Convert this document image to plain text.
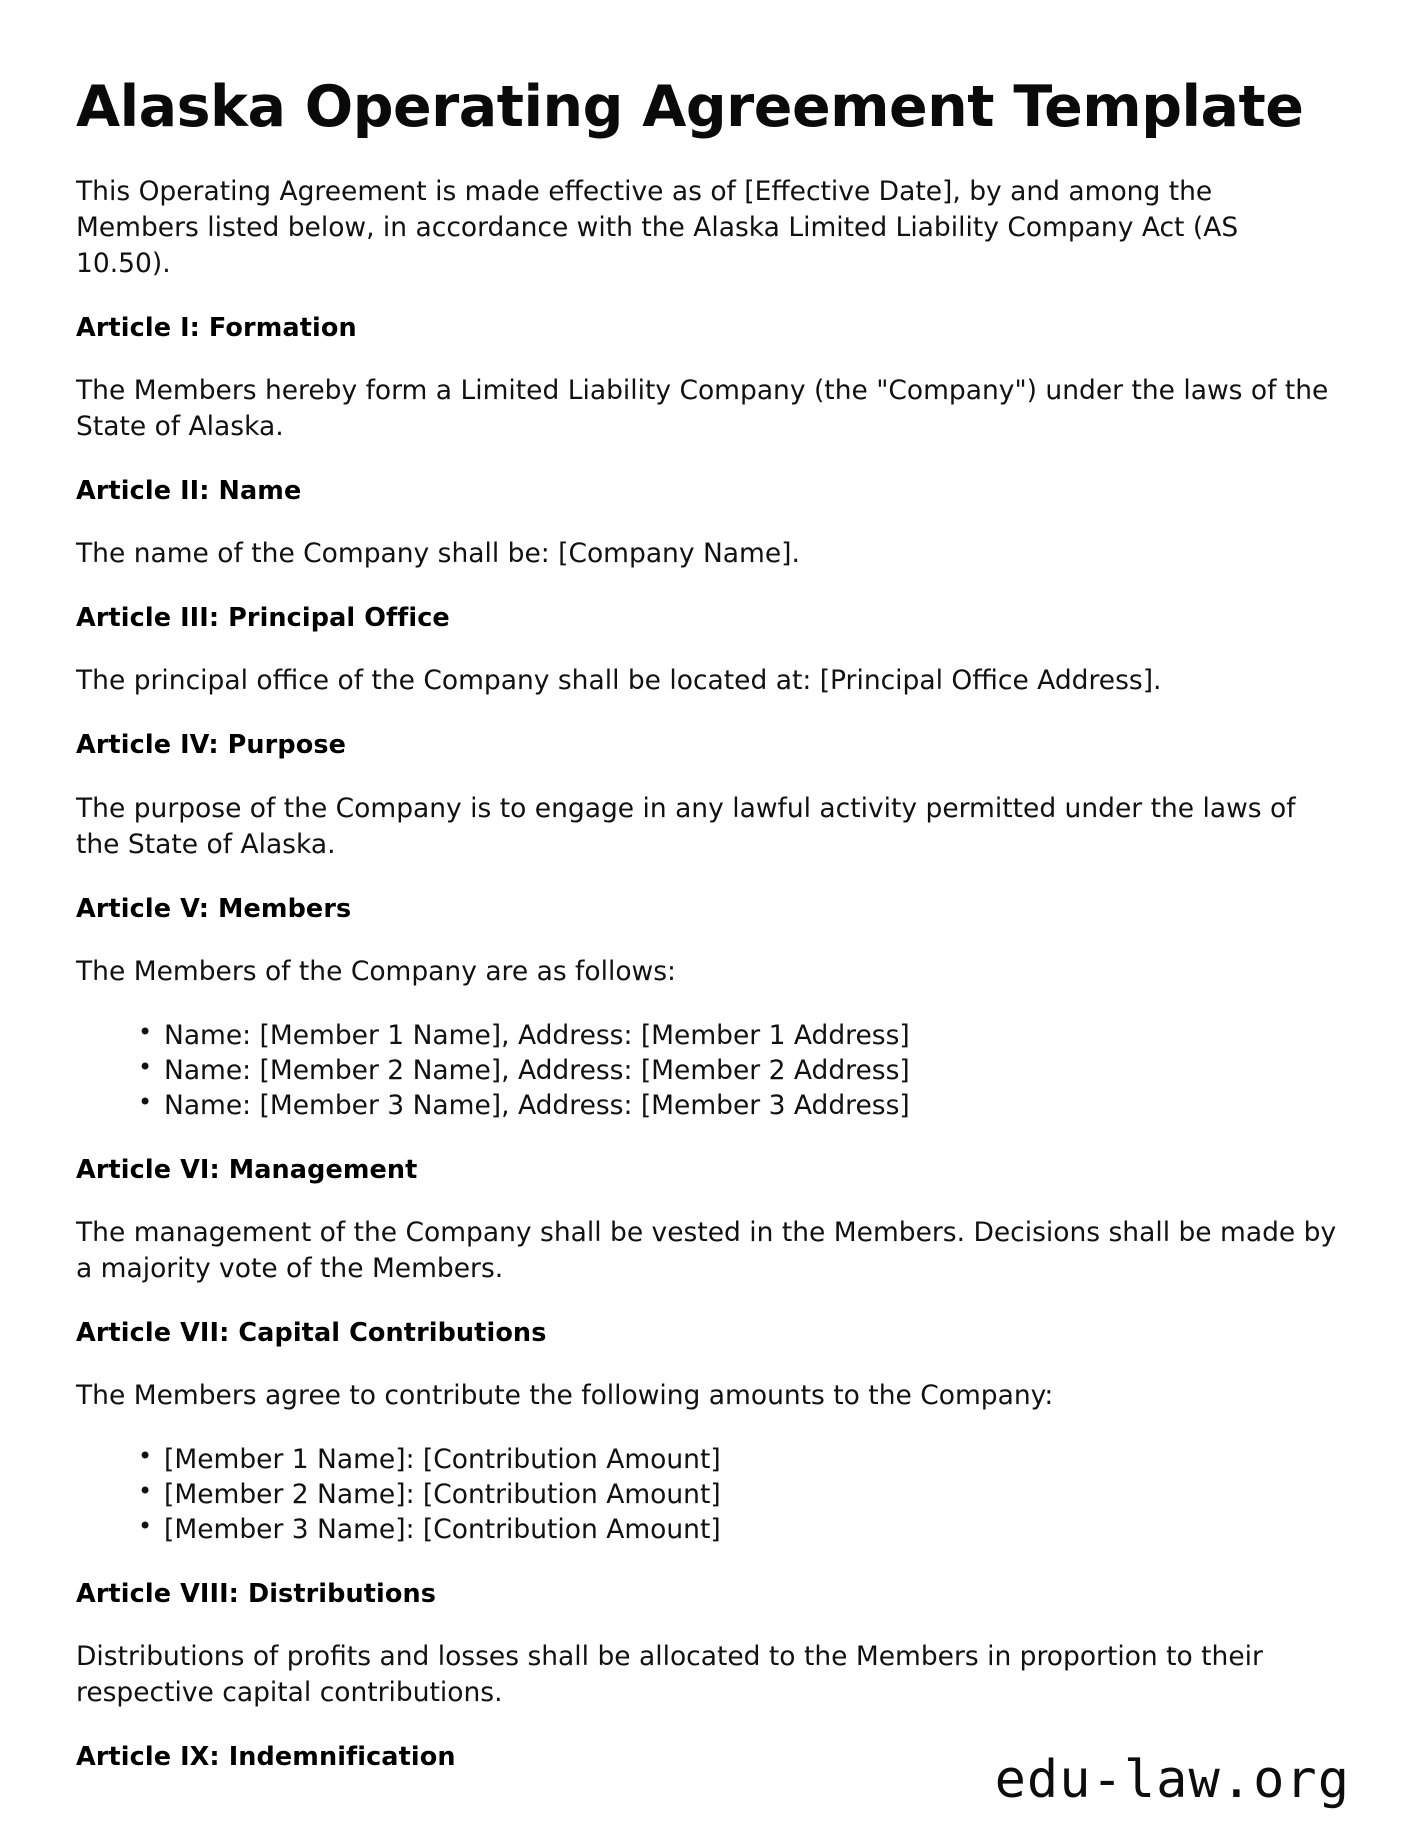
Alaska Operating Agreement Template

This Operating Agreement is made effective as of [Effective Date], by and among the Members listed below, in accordance with the Alaska Limited Liability Company Act (AS 10.50).

Article I: Formation

The Members hereby form a Limited Liability Company (the "Company") under the laws of the State of Alaska.

Article II: Name

The name of the Company shall be: [Company Name].

Article III: Principal Office

The principal office of the Company shall be located at: [Principal Office Address].

Article IV: Purpose

The purpose of the Company is to engage in any lawful activity permitted under the laws of the State of Alaska.

Article V: Members

The Members of the Company are as follows:

• Name: [Member 1 Name], Address: [Member 1 Address]
• Name: [Member 2 Name], Address: [Member 2 Address]
• Name: [Member 3 Name], Address: [Member 3 Address]
Article VI: Management

The management of the Company shall be vested in the Members. Decisions shall be made by a majority vote of the Members.

Article VII: Capital Contributions

The Members agree to contribute the following amounts to the Company:

• [Member 1 Name]: [Contribution Amount]
• [Member 2 Name]: [Contribution Amount]
• [Member 3 Name]: [Contribution Amount]
Article VIII: Distributions

Distributions of profits and losses shall be allocated to the Members in proportion to their respective capital contributions.

Article IX: Indemnification	edu-law.org
